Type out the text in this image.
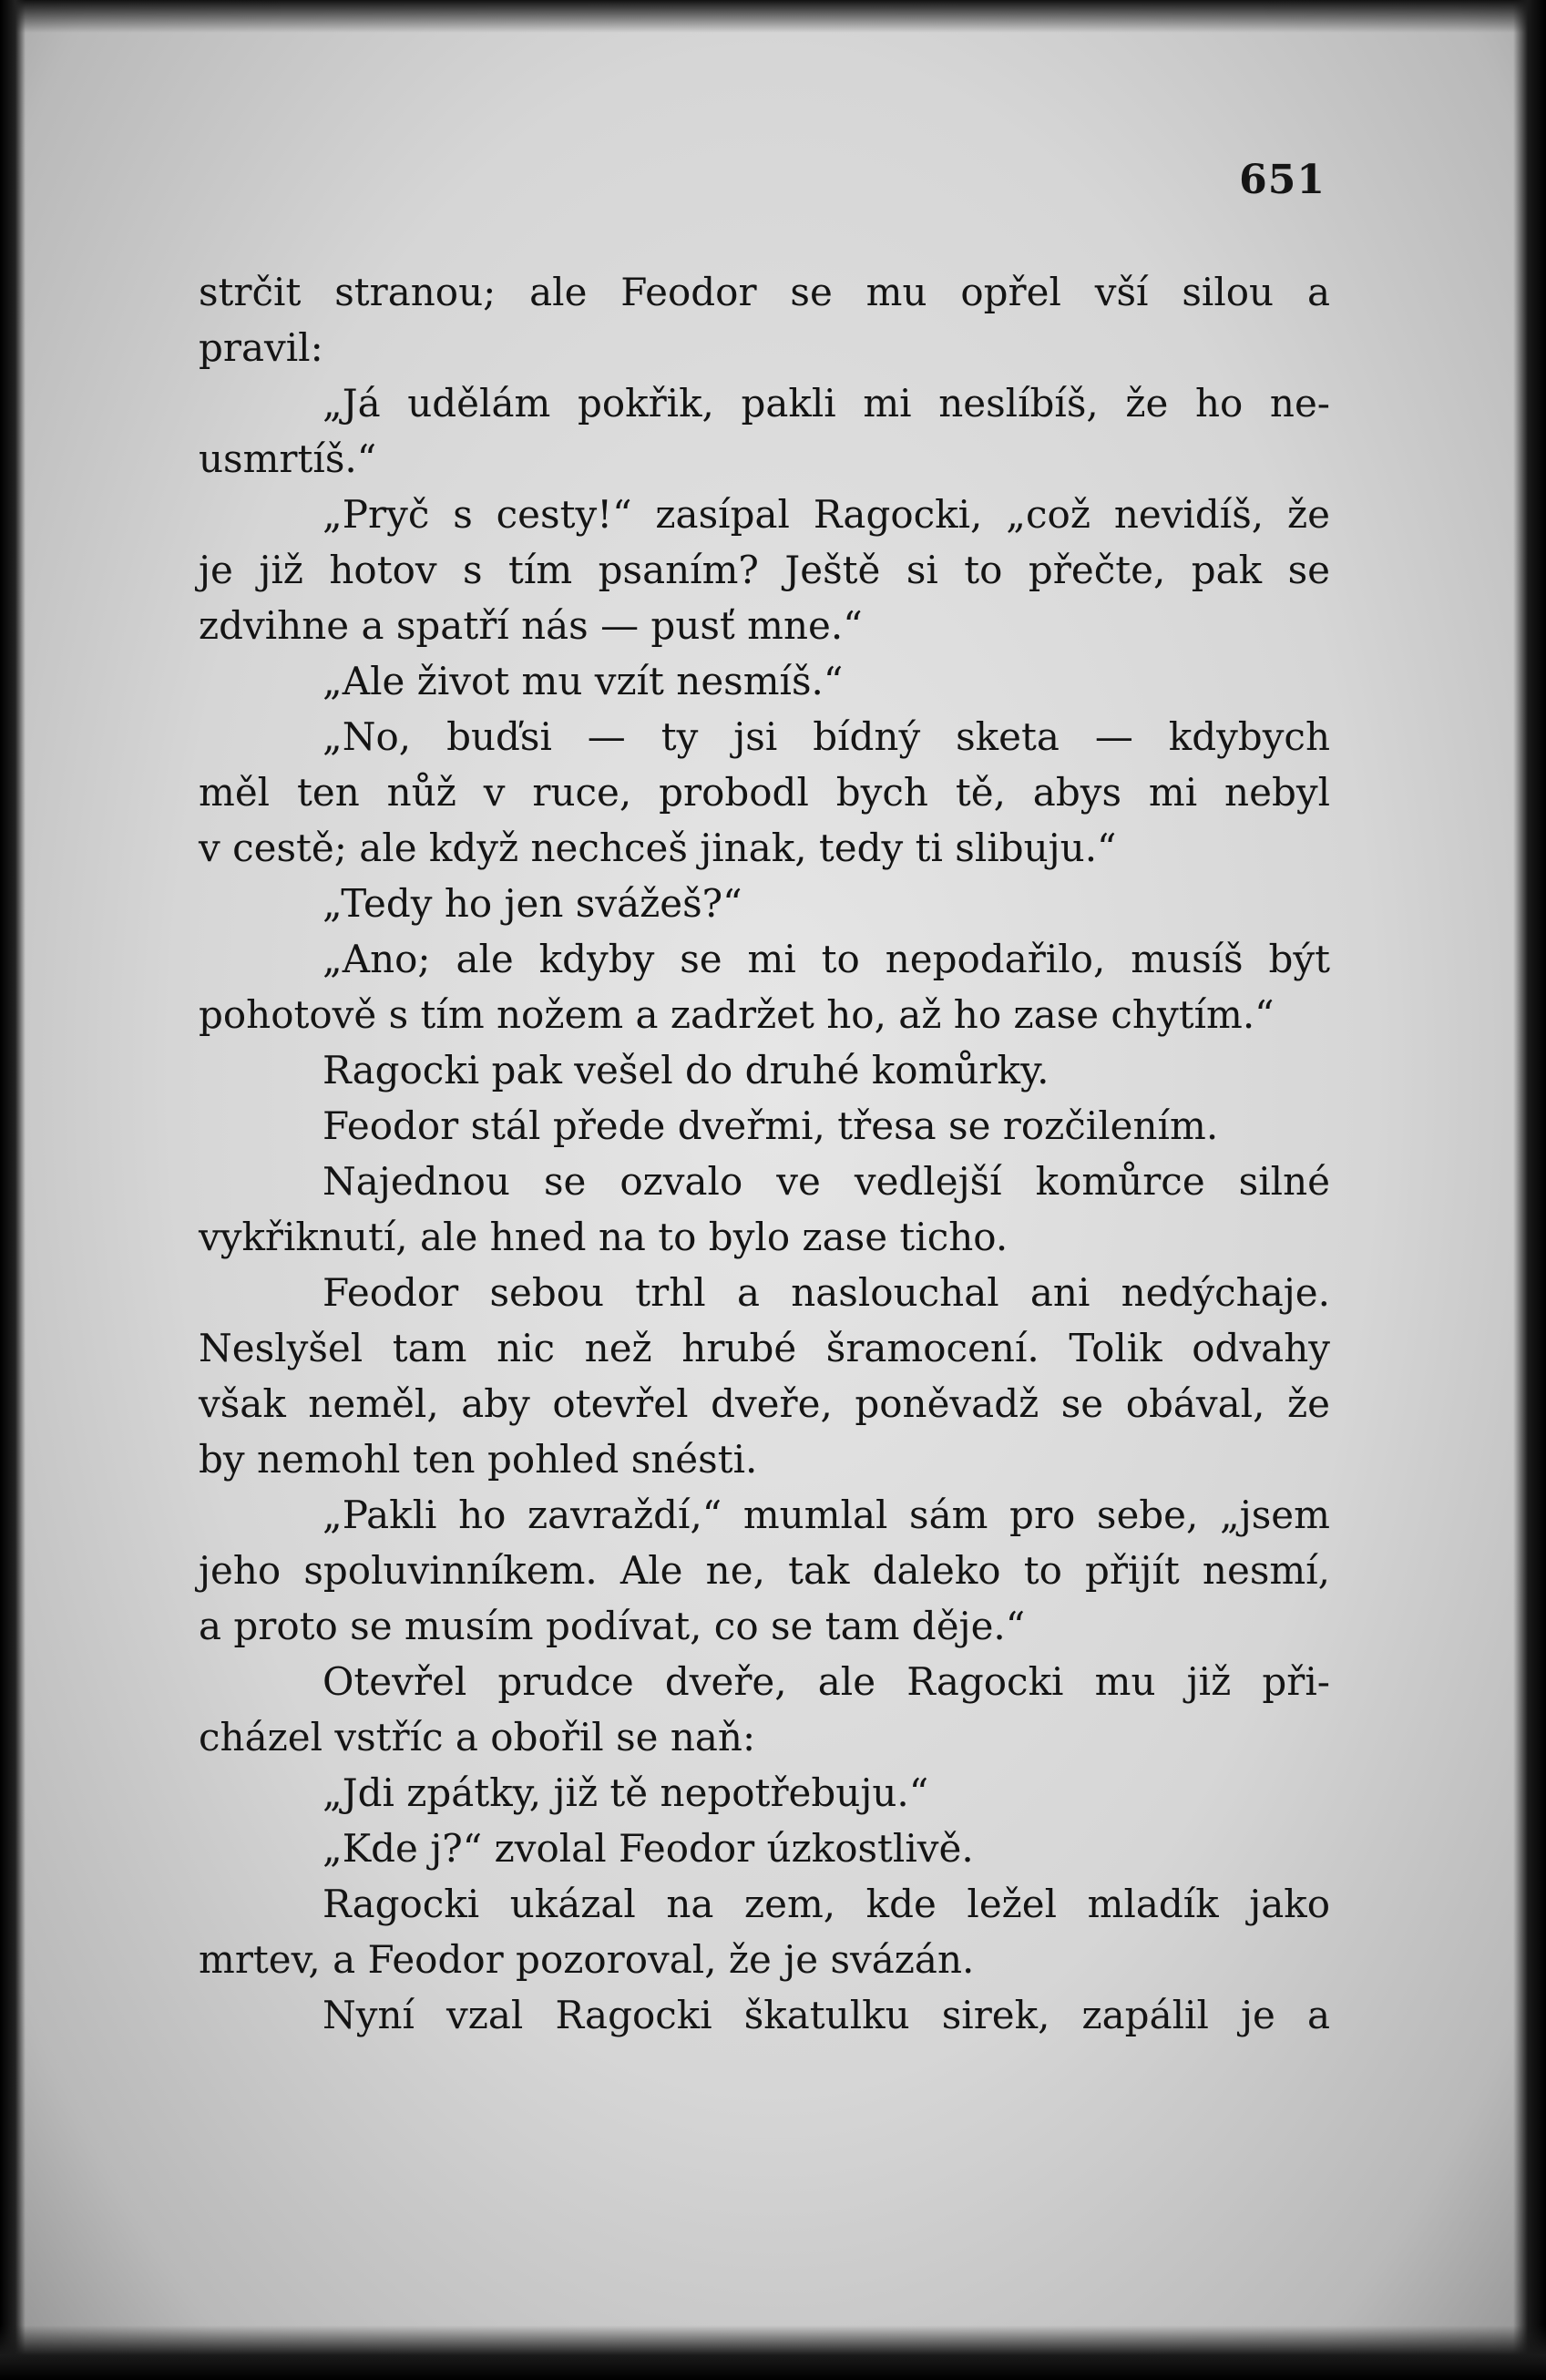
651
strčit stranou; ale Feodor se mu opřel vší silou a
pravil:
„Já udělám pokřik, pakli mi neslíbíš, že ho ne-
usmrtíš.“
„Pryč s cesty!“ zasípal Ragocki, „což nevidíš, že
je již hotov s tím psaním? Ještě si to přečte, pak se
zdvihne a spatří nás — pusť mne.“
„Ale život mu vzít nesmíš.“
„No, buďsi — ty jsi bídný sketa — kdybych
měl ten nůž v ruce, probodl bych tě, abys mi nebyl
v cestě; ale když nechceš jinak, tedy ti slibuju.“
„Tedy ho jen svážeš?“
„Ano; ale kdyby se mi to nepodařilo, musíš být
pohotově s tím nožem a zadržet ho, až ho zase chytím.“
Ragocki pak vešel do druhé komůrky.
Feodor stál přede dveřmi, třesa se rozčilením.
Najednou se ozvalo ve vedlejší komůrce silné
vykřiknutí, ale hned na to bylo zase ticho.
Feodor sebou trhl a naslouchal ani nedýchaje.
Neslyšel tam nic než hrubé šramocení. Tolik odvahy
však neměl, aby otevřel dveře, poněvadž se obával, že
by nemohl ten pohled snésti.
„Pakli ho zavraždí,“ mumlal sám pro sebe, „jsem
jeho spoluvinníkem. Ale ne, tak daleko to přijít nesmí,
a proto se musím podívat, co se tam děje.“
Otevřel prudce dveře, ale Ragocki mu již při-
cházel vstříc a obořil se naň:
„Jdi zpátky, již tě nepotřebuju.“
„Kde j?“ zvolal Feodor úzkostlivě.
Ragocki ukázal na zem, kde ležel mladík jako
mrtev, a Feodor pozoroval, že je svázán.
Nyní vzal Ragocki škatulku sirek, zapálil je a
